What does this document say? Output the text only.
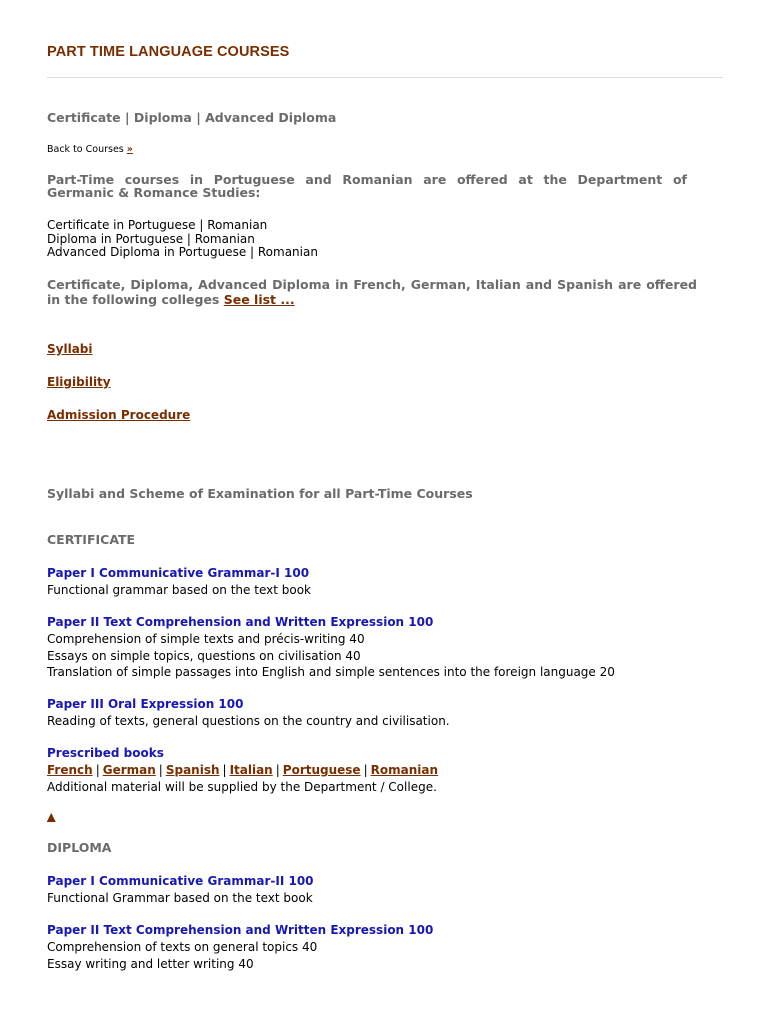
PART TIME LANGUAGE COURSES
Certificate | Diploma | Advanced Diploma
Back to Courses »
Part-Time courses in Portuguese and Romanian are offered at the Department of Germanic & Romance Studies:
Certificate in Portuguese | Romanian
Diploma in Portuguese | Romanian
Advanced Diploma in Portuguese | Romanian
Certificate, Diploma, Advanced Diploma in French, German, Italian and Spanish are offered in the following colleges See list ...
Syllabi
Eligibility
Admission Procedure
Syllabi and Scheme of Examination for all Part-Time Courses
CERTIFICATE
Paper I Communicative Grammar-I 100
Functional grammar based on the text book
Paper II Text Comprehension and Written Expression 100
Comprehension of simple texts and précis-writing 40
Essays on simple topics, questions on civilisation 40
Translation of simple passages into English and simple sentences into the foreign language 20
Paper III Oral Expression 100
Reading of texts, general questions on the country and civilisation.
Prescribed books
French | German | Spanish | Italian | Portuguese | Romanian
Additional material will be supplied by the Department / College.
▲
DIPLOMA
Paper I Communicative Grammar-II 100
Functional Grammar based on the text book
Paper II Text Comprehension and Written Expression 100
Comprehension of texts on general topics 40
Essay writing and letter writing 40
